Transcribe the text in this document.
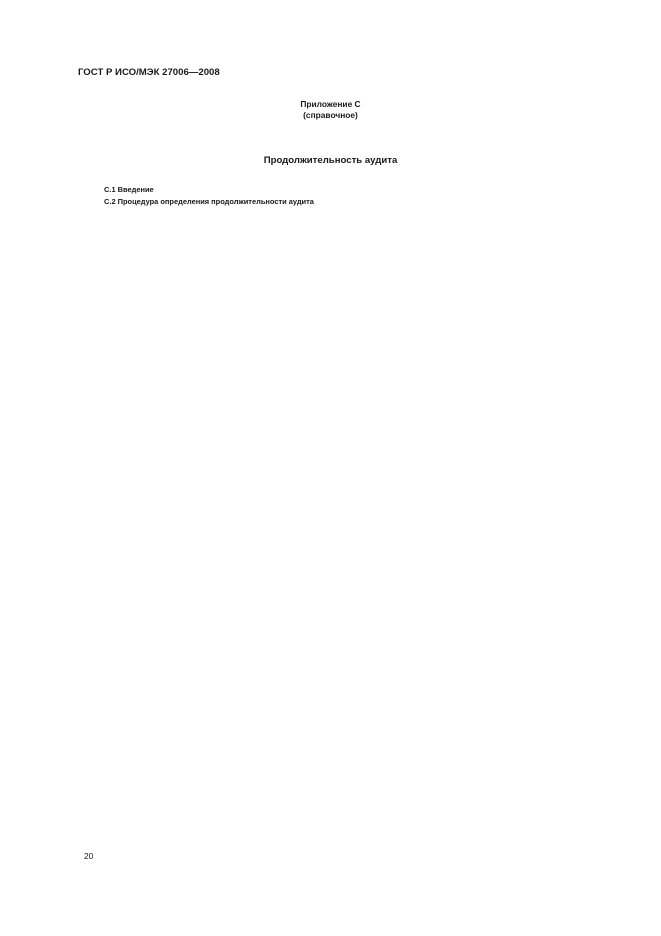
ГОСТ Р ИСО/МЭК 27006—2008
Приложение С
(справочное)
Продолжительность аудита
С.1 Введение
С.2 Процедура определения продолжительности аудита
20
